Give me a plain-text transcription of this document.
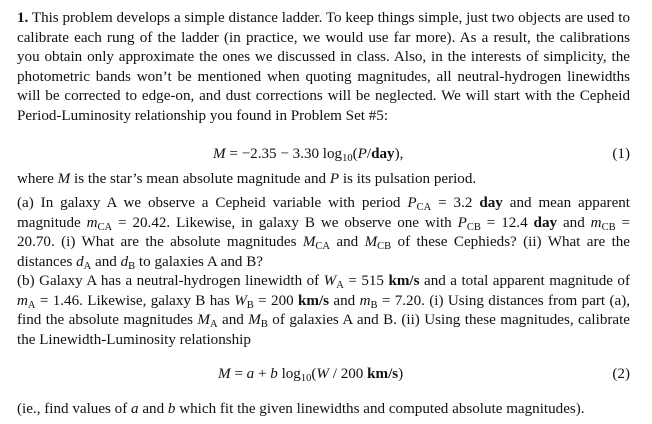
1. This problem develops a simple distance ladder. To keep things simple, just two objects are used to calibrate each rung of the ladder (in practice, we would use far more). As a result, the calibrations you obtain only approximate the ones we discussed in class. Also, in the interests of simplicity, the photometric bands won’t be mentioned when quoting magnitudes, all neutral-hydrogen linewidths will be corrected to edge-on, and dust corrections will be neglected. We will start with the Cepheid Period-Luminosity relationship you found in Problem Set #5:

M = −2.35 − 3.30 $\log_{10}(P/day)$,	(1)

where M is the star’s mean absolute magnitude and P is its pulsation period.

(a) In galaxy A we observe a Cepheid variable with period $P_{CA} = 3.2$ day and mean apparent magnitude $m_{CA} = 20.42$. Likewise, in galaxy B we observe one with $P_{CB} = 12.4$ day and $m_{CB} = 20.70$. (i) What are the absolute magnitudes $M_{CA}$ and $M_{CB}$ of these Cephieds? (ii) What are the distances $d_A$ and $d_B$ to galaxies A and B?

(b) Galaxy A has a neutral-hydrogen linewidth of $W_A = 515$ km/s and a total apparent magnitude of $m_A = 1.46$. Likewise, galaxy B has $W_B = 200$ km/s and $m_B = 7.20$. (i) Using distances from part (a), find the absolute magnitudes $M_A$ and $M_B$ of galaxies A and B. (ii) Using these magnitudes, calibrate the Linewidth-Luminosity relationship

M = a + b $\log_{10}(W / 200$ km/s)	(2)

(ie., find values of a and b which fit the given linewidths and computed absolute magnitudes).
